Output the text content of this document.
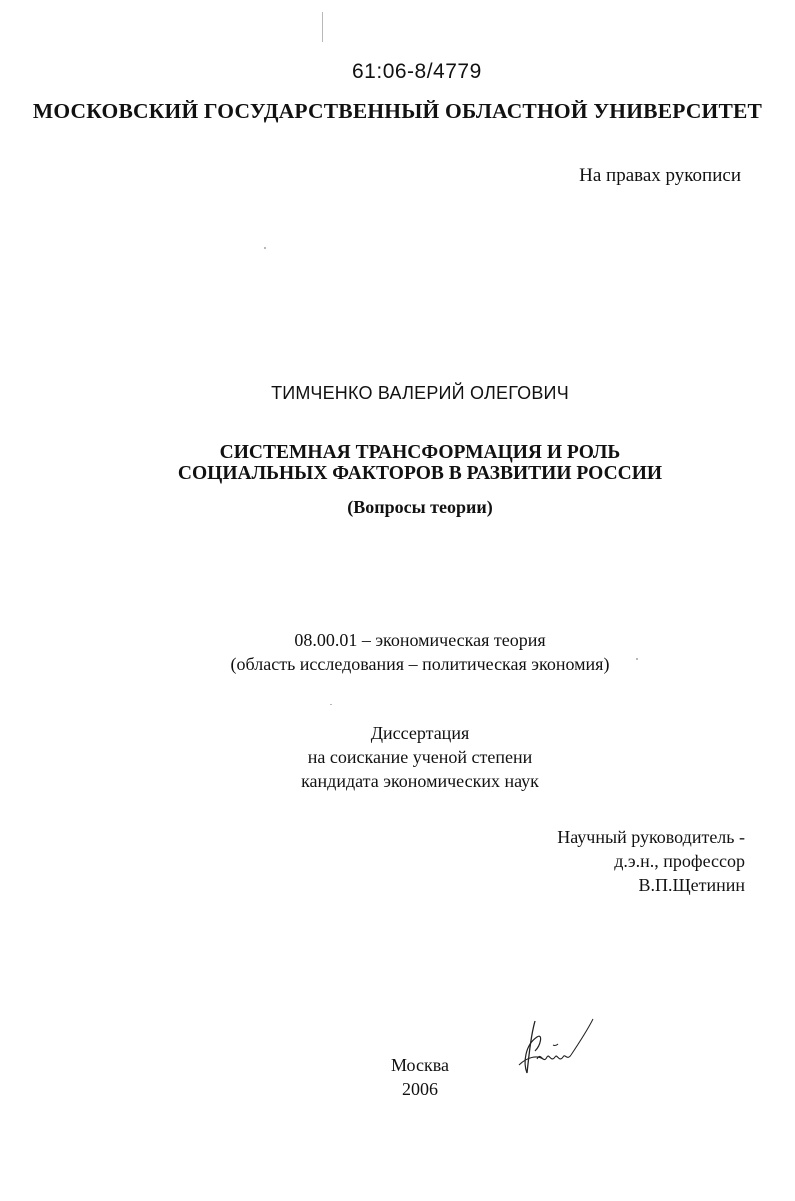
61:06-8/4779
МОСКОВСКИЙ ГОСУДАРСТВЕННЫЙ ОБЛАСТНОЙ УНИВЕРСИТЕТ
На правах рукописи
ТИМЧЕНКО ВАЛЕРИЙ ОЛЕГОВИЧ
СИСТЕМНАЯ ТРАНСФОРМАЦИЯ И РОЛЬ
СОЦИАЛЬНЫХ ФАКТОРОВ В РАЗВИТИИ РОССИИ
(Вопросы теории)
08.00.01 – экономическая теория
(область исследования – политическая экономия)
Диссертация
на соискание ученой степени
кандидата экономических наук
Научный руководитель -
д.э.н., профессор
В.П.Щетинин
Москва
2006
